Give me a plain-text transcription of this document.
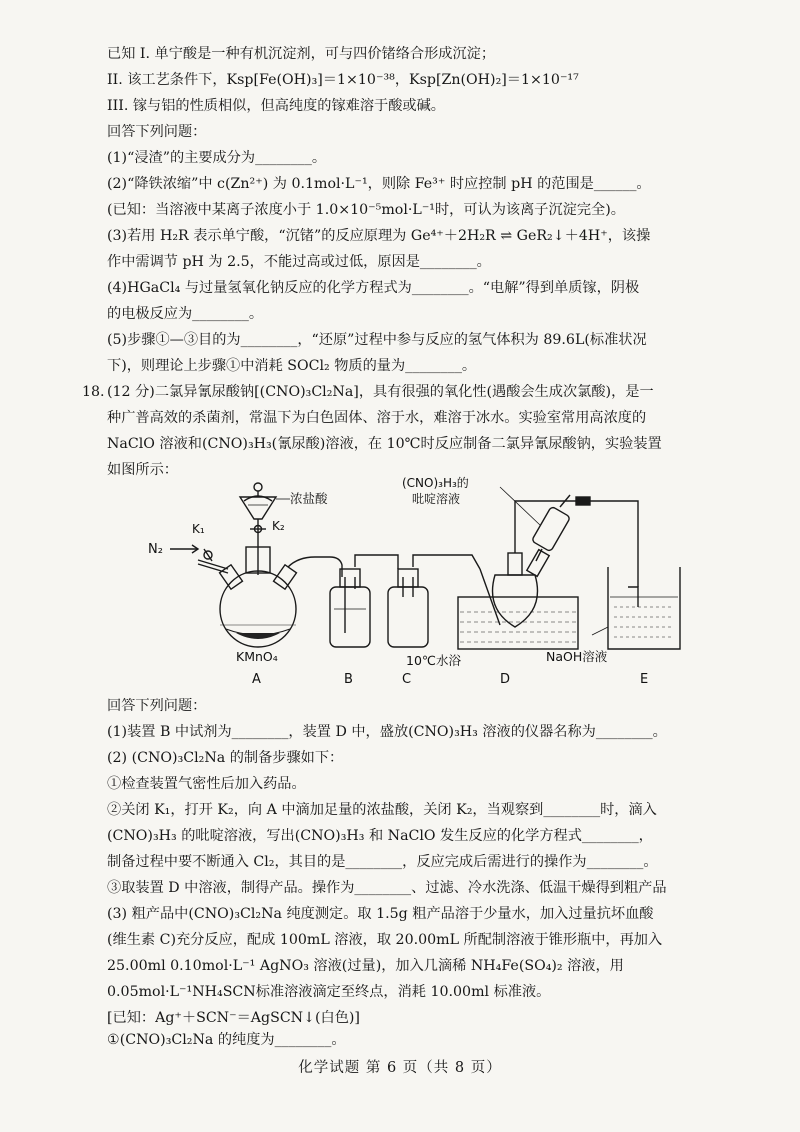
已知 I. 单宁酸是一种有机沉淀剂，可与四价锗络合形成沉淀；
II. 该工艺条件下，Ksp[Fe(OH)₃]＝1×10⁻³⁸，Ksp[Zn(OH)₂]＝1×10⁻¹⁷
III. 镓与铝的性质相似，但高纯度的镓难溶于酸或碱。
回答下列问题：
(1)“浸渣”的主要成分为________。
(2)“降铁浓缩”中 c(Zn²⁺) 为 0.1mol·L⁻¹，则除 Fe³⁺ 时应控制 pH 的范围是______。
(已知：当溶液中某离子浓度小于 1.0×10⁻⁵mol·L⁻¹时，可认为该离子沉淀完全)。
(3)若用 H₂R 表示单宁酸，“沉锗”的反应原理为 Ge⁴⁺＋2H₂R ⇌ GeR₂↓＋4H⁺，该操
作中需调节 pH 为 2.5，不能过高或过低，原因是________。
(4)HGaCl₄ 与过量氢氧化钠反应的化学方程式为________。“电解”得到单质镓，阴极
的电极反应为________。
(5)步骤①—③目的为________，“还原”过程中参与反应的氢气体积为 89.6L(标准状况
下)，则理论上步骤①中消耗 SOCl₂ 物质的量为________。
18. (12 分)二氯异氰尿酸钠[(CNO)₃Cl₂Na]，具有很强的氧化性(遇酸会生成次氯酸)，是一
种广普高效的杀菌剂，常温下为白色固体、溶于水，难溶于冰水。实验室常用高浓度的
NaClO 溶液和(CNO)₃H₃(氰尿酸)溶液，在 10℃时反应制备二氯异氰尿酸钠，实验装置
如图所示：
N₂
K₁
浓盐酸
K₂
(CNO)₃H₃的
吡啶溶液
KMnO₄	10℃水浴	NaOH溶液
A	B	C	D	E
回答下列问题：
(1)装置 B 中试剂为________，装置 D 中，盛放(CNO)₃H₃ 溶液的仪器名称为________。
(2) (CNO)₃Cl₂Na 的制备步骤如下：
①检查装置气密性后加入药品。
②关闭 K₁，打开 K₂，向 A 中滴加足量的浓盐酸，关闭 K₂，当观察到________时，滴入
(CNO)₃H₃ 的吡啶溶液，写出(CNO)₃H₃ 和 NaClO 发生反应的化学方程式________，
制备过程中要不断通入 Cl₂，其目的是________，反应完成后需进行的操作为________。
③取装置 D 中溶液，制得产品。操作为________、过滤、冷水洗涤、低温干燥得到粗产品
(3) 粗产品中(CNO)₃Cl₂Na 纯度测定。取 1.5g 粗产品溶于少量水，加入过量抗坏血酸
(维生素 C)充分反应，配成 100mL 溶液，取 20.00mL 所配制溶液于锥形瓶中，再加入
25.00ml 0.10mol·L⁻¹ AgNO₃ 溶液(过量)，加入几滴稀 NH₄Fe(SO₄)₂ 溶液，用
0.05mol·L⁻¹NH₄SCN标准溶液滴定至终点，消耗 10.00ml 标准液。
[已知：Ag⁺＋SCN⁻＝AgSCN↓(白色)]
①(CNO)₃Cl₂Na 的纯度为________。
化学试题 第 6 页（共 8 页）
